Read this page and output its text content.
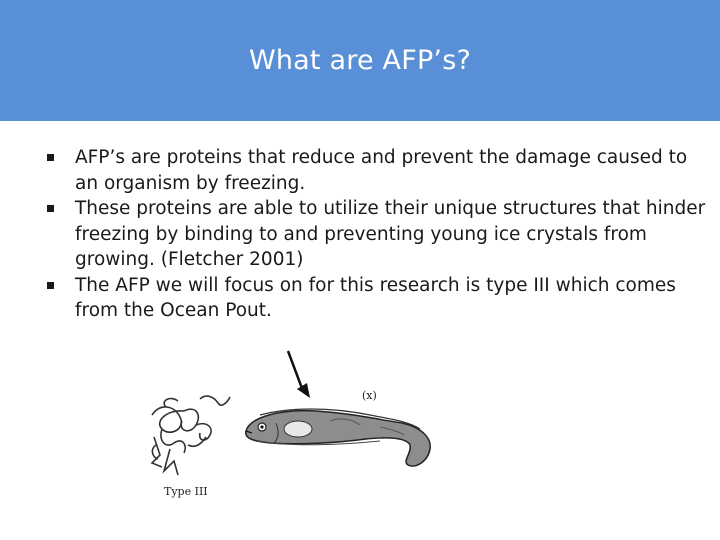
What are AFP’s?
AFP’s are proteins that reduce and prevent the damage caused to an organism by freezing.
These proteins are able to utilize their unique structures that hinder freezing by binding to and preventing young ice crystals from growing. (Fletcher 2001)
The AFP we will focus on for this research is type III which comes from the Ocean Pout.
(x)
Type III
